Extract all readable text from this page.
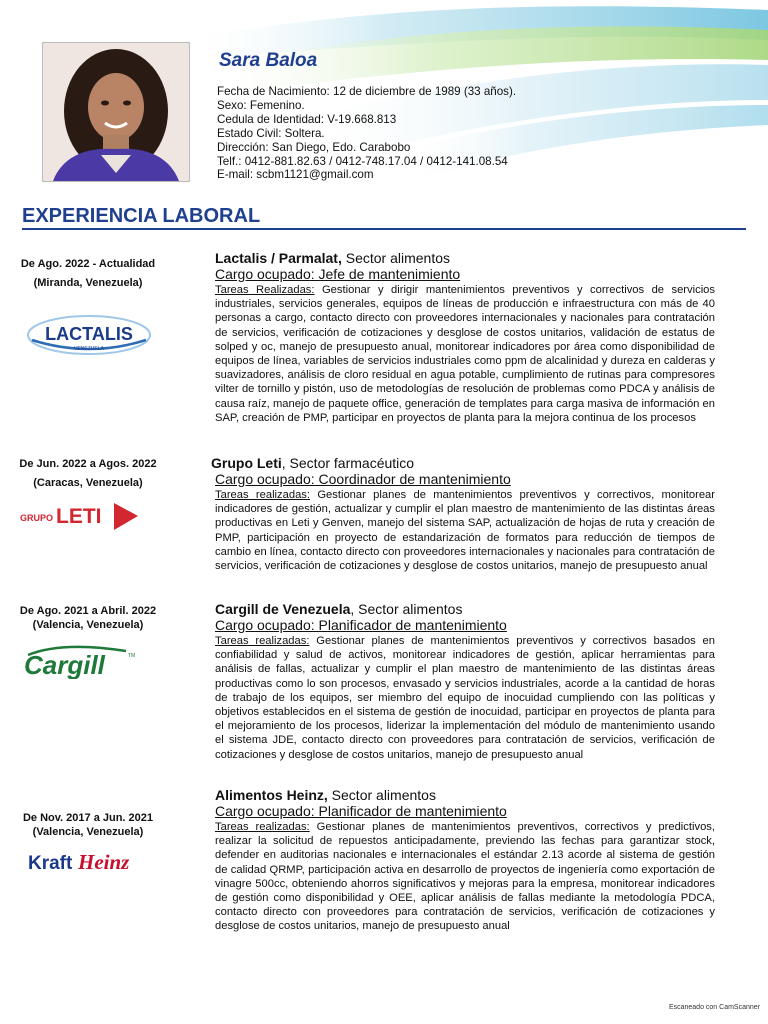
Sara Baloa
Fecha de Nacimiento: 12 de diciembre de 1989 (33 años).
Sexo: Femenino.
Cedula de Identidad: V-19.668.813
Estado Civil: Soltera.
Dirección: San Diego, Edo. Carabobo
Telf.: 0412-881.82.63 / 0412-748.17.04 / 0412-141.08.54
E-mail: scbm1121@gmail.com
EXPERIENCIA LABORAL
De Ago. 2022 - Actualidad
(Miranda, Venezuela)
LACTALIS
VENEZUELA
Lactalis / Parmalat, Sector alimentos
Cargo ocupado: Jefe de mantenimiento
Tareas Realizadas: Gestionar y dirigir mantenimientos preventivos y correctivos de servicios industriales, servicios generales, equipos de líneas de producción e infraestructura con más de 40 personas a cargo, contacto directo con proveedores internacionales y nacionales para contratación de servicios, verificación de cotizaciones y desglose de costos unitarios, validación de estatus de solped y oc, manejo de presupuesto anual, monitorear indicadores por área como disponibilidad de equipos de línea, variables de servicios industriales como ppm de alcalinidad y dureza en calderas y suavizadores, análisis de cloro residual en agua potable, cumplimiento de rutinas para compresores vilter de tornillo y pistón, uso de metodologías de resolución de problemas como PDCA y análisis de causa raíz, manejo de paquete office, generación de templates para carga masiva de información en SAP, creación de PMP, participar en proyectos de planta para la mejora continua de los procesos
De Jun. 2022 a Agos. 2022
(Caracas, Venezuela)
GRUPO LETI
Grupo Leti, Sector farmacéutico
Cargo ocupado: Coordinador de mantenimiento
Tareas realizadas: Gestionar planes de mantenimientos preventivos y correctivos, monitorear indicadores de gestión, actualizar y cumplir el plan maestro de mantenimiento de las distintas áreas productivas en Leti y Genven, manejo del sistema SAP, actualización de hojas de ruta y creación de PMP, participación en proyecto de estandarización de formatos para reducción de tiempos de cambio en línea, contacto directo con proveedores internacionales y nacionales para contratación de servicios, verificación de cotizaciones y desglose de costos unitarios, manejo de presupuesto anual
De Ago. 2021 a Abril. 2022
(Valencia, Venezuela)
Cargill	TM
Cargill de Venezuela, Sector alimentos
Cargo ocupado: Planificador de mantenimiento
Tareas realizadas: Gestionar planes de mantenimientos preventivos y correctivos basados en confiabilidad y salud de activos, monitorear indicadores de gestión, aplicar herramientas para análisis de fallas, actualizar y cumplir el plan maestro de mantenimiento de las distintas áreas productivas como lo son procesos, envasado y servicios industriales, acorde a la cantidad de horas de trabajo de los equipos, ser miembro del equipo de inocuidad cumpliendo con las políticas y objetivos establecidos en el sistema de gestión de inocuidad, participar en proyectos de planta para el mejoramiento de los procesos, liderizar la implementación del módulo de mantenimiento usando el sistema JDE, contacto directo con proveedores para contratación de servicios, verificación de cotizaciones y desglose de costos unitarios, manejo de presupuesto anual
De Nov. 2017 a Jun. 2021
(Valencia, Venezuela)
Kraft Heinz
Alimentos Heinz, Sector alimentos
Cargo ocupado: Planificador de mantenimiento
Tareas realizadas: Gestionar planes de mantenimientos preventivos, correctivos y predictivos, realizar la solicitud de repuestos anticipadamente, previendo las fechas para garantizar stock, defender en auditorias nacionales e internacionales el estándar 2.13 acorde al sistema de gestión de calidad QRMP, participación activa en desarrollo de proyectos de ingeniería como exportación de vinagre 500cc, obteniendo ahorros significativos y mejoras para la empresa, monitorear indicadores de gestión como disponibilidad y OEE, aplicar análisis de fallas mediante la metodología PDCA, contacto directo con proveedores para contratación de servicios, verificación de cotizaciones y desglose de costos unitarios, manejo de presupuesto anual
Escaneado con CamScanner
